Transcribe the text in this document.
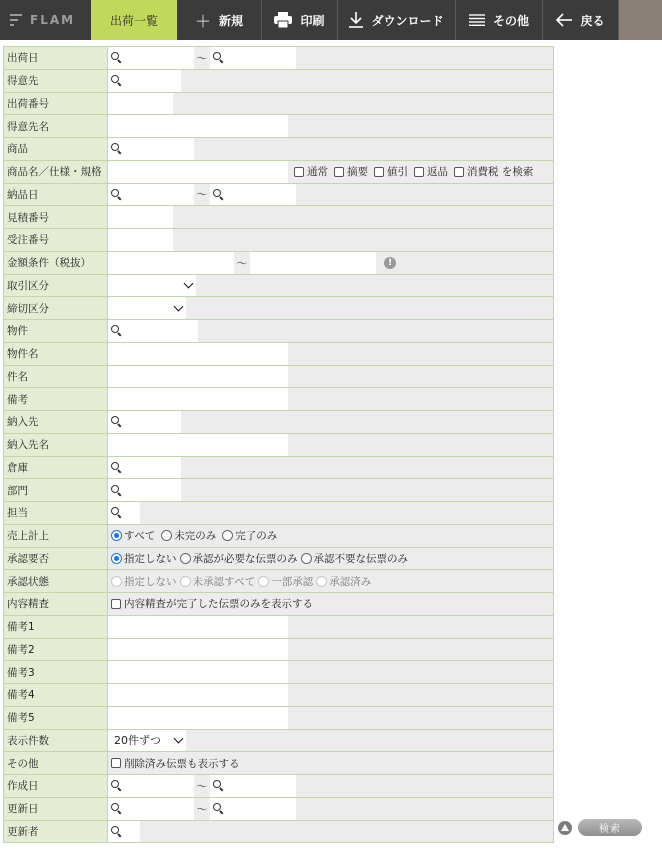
FLAM	出荷一覧	＋ 新規	印刷	ダウンロード	その他	戻る
出荷日	〜
得意先
出荷番号
得意先名
商品
商品名／仕様・規格	通常 摘要 値引 返品 消費税 を検索
納品日	〜
見積番号
受注番号
金額条件（税抜）	〜	!
取引区分
締切区分
物件
物件名
件名
備考
納入先
納入先名
倉庫
部門
担当
売上計上	すべて 未完のみ 完了のみ
承認要否	指定しない 承認が必要な伝票のみ 承認不要な伝票のみ
承認状態	指定しない 未承認すべて 一部承認 承認済み
内容精査	内容精査が完了した伝票のみを表示する
備考1
備考2
備考3
備考4
備考5
表示件数	20件ずつ
その他	削除済み伝票も表示する
作成日	〜
更新日	〜
更新者	検索
